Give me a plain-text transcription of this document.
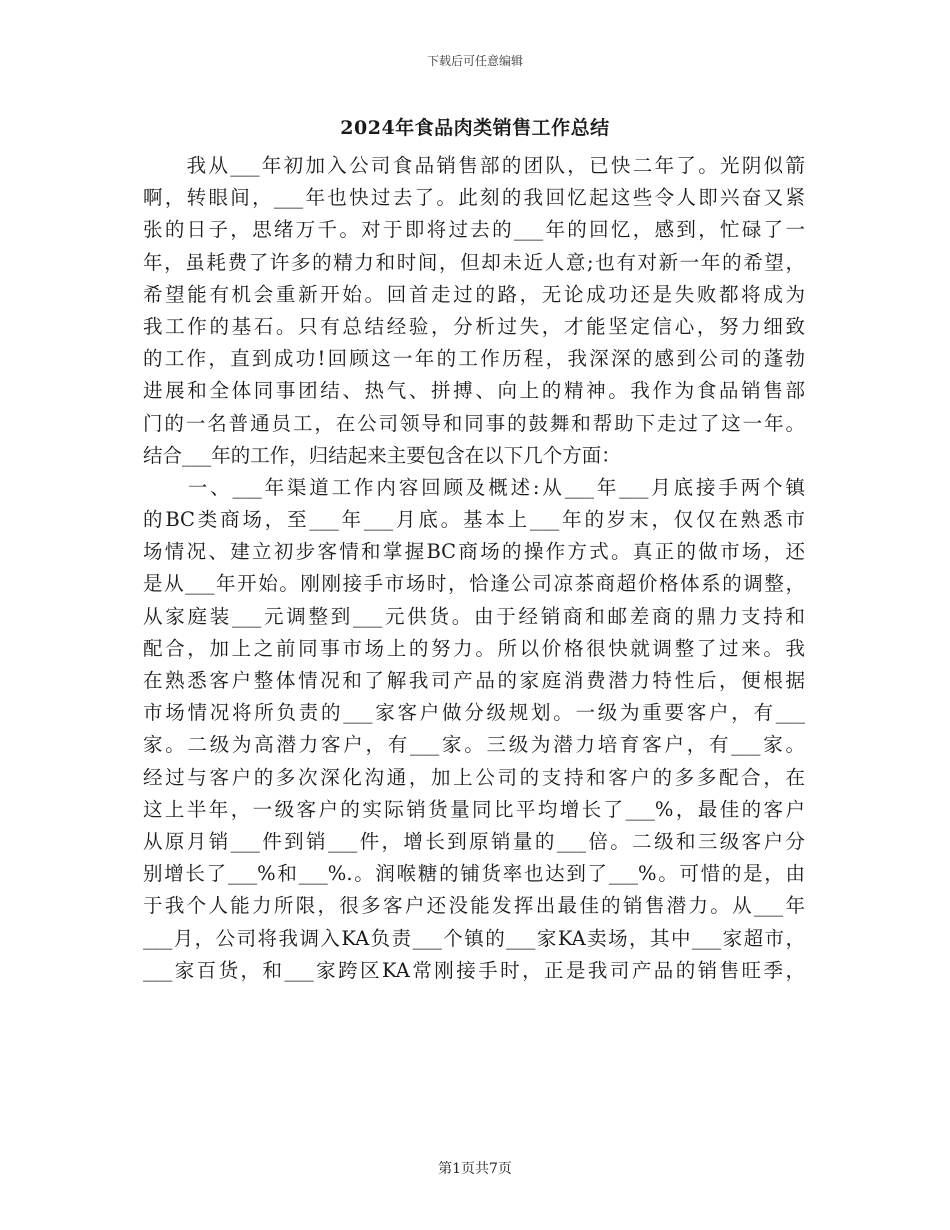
下载后可任意编辑
2024年食品肉类销售工作总结
　　我从___年初加入公司食品销售部的团队，已快二年了。光阴似箭
啊，转眼间，___年也快过去了。此刻的我回忆起这些令人即兴奋又紧
张的日子，思绪万千。对于即将过去的___年的回忆，感到，忙碌了一
年，虽耗费了许多的精力和时间，但却未近人意;也有对新一年的希望，
希望能有机会重新开始。回首走过的路，无论成功还是失败都将成为
我工作的基石。只有总结经验，分析过失，才能坚定信心，努力细致
的工作，直到成功!回顾这一年的工作历程，我深深的感到公司的蓬勃
进展和全体同事团结、热气、拼搏、向上的精神。我作为食品销售部
门的一名普通员工，在公司领导和同事的鼓舞和帮助下走过了这一年。
结合___年的工作，归结起来主要包含在以下几个方面：
　　一、___年渠道工作内容回顾及概述:从___年___月底接手两个镇
的BC类商场，至___年___月底。基本上___年的岁末，仅仅在熟悉市
场情况、建立初步客情和掌握BC商场的操作方式。真正的做市场，还
是从___年开始。刚刚接手市场时，恰逢公司凉茶商超价格体系的调整，
从家庭装___元调整到___元供货。由于经销商和邮差商的鼎力支持和
配合，加上之前同事市场上的努力。所以价格很快就调整了过来。我
在熟悉客户整体情况和了解我司产品的家庭消费潜力特性后，便根据
市场情况将所负责的___家客户做分级规划。一级为重要客户，有___
家。二级为高潜力客户，有___家。三级为潜力培育客户，有___家。
经过与客户的多次深化沟通，加上公司的支持和客户的多多配合，在
这上半年，一级客户的实际销货量同比平均增长了___%，最佳的客户
从原月销___件到销___件，增长到原销量的___倍。二级和三级客户分
别增长了___%和___%.。润喉糖的铺货率也达到了___%。可惜的是，由
于我个人能力所限，很多客户还没能发挥出最佳的销售潜力。从___年
___月，公司将我调入KA负责___个镇的___家KA卖场，其中___家超市，
___家百货，和___家跨区KA常刚接手时，正是我司产品的销售旺季，
第1页共7页
